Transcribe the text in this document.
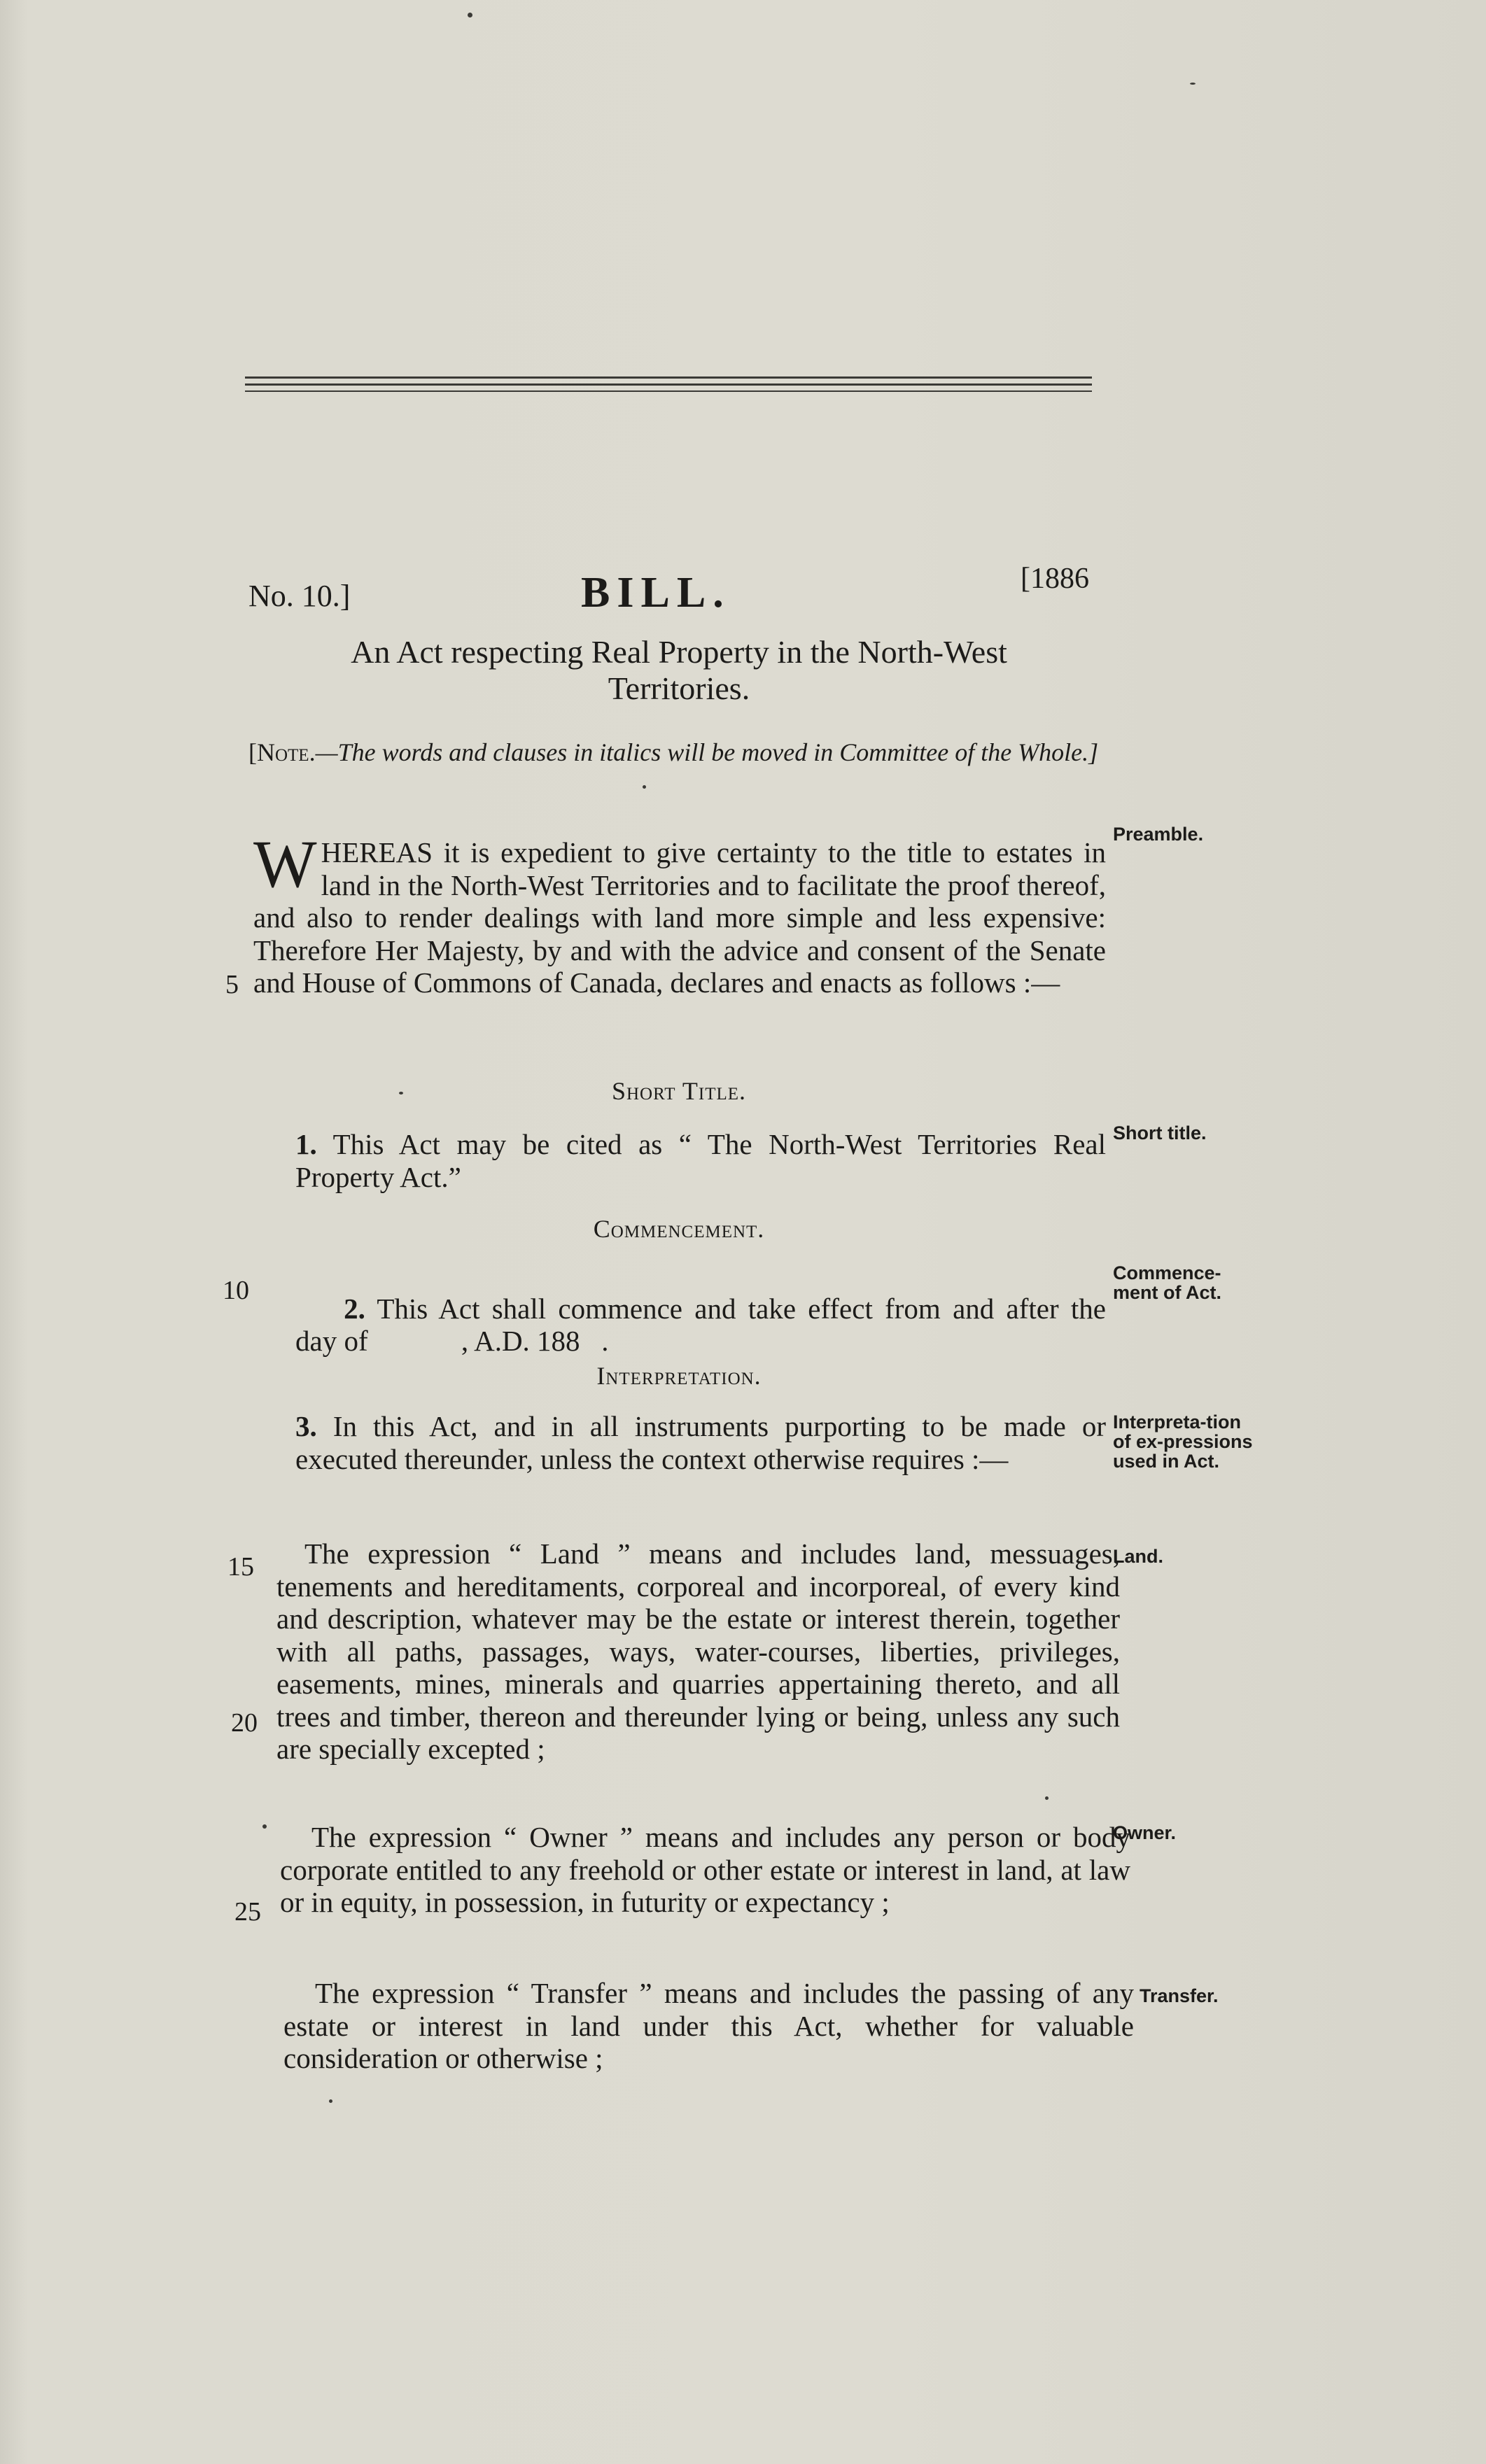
No. 10.]	BILL.	[1886
An Act respecting Real Property in the North-West
Territories.
[Note.—The words and clauses in italics will be moved in Committee of the Whole.]
WHEREAS it is expedient to give certainty to the title to estates in land in the North-West Territories and to facilitate the proof thereof, and also to render dealings with land more simple and less expensive: Therefore Her Majesty, by and with the advice and consent of the Senate and House of Commons of Canada, declares and enacts as follows :—
Preamble.
5
Short Title.
1. This Act may be cited as “ The North-West Territories Real Property Act.”
Short title.
Commencement.

2. This Act shall commence and take effect from and after the       day of             , A.D. 188   .

Commence-ment of Act.
10
Interpretation.
3. In this Act, and in all instruments purporting to be made or executed thereunder, unless the context otherwise requires :—
Interpreta-tion of ex-pressions used in Act.
The expression “ Land ” means and includes land, messuages, tenements and hereditaments, corporeal and incorporeal, of every kind and description, whatever may be the estate or interest therein, together with all paths, passages, ways, water-courses, liberties, privileges, easements, mines, minerals and quarries appertaining thereto, and all trees and timber, thereon and thereunder lying or being, unless any such are specially excepted ;
Land.
15
20
The expression “ Owner ” means and includes any person or body corporate entitled to any freehold or other estate or interest in land, at law or in equity, in possession, in futurity or expectancy ;
Owner.
25
The expression “ Transfer ” means and includes the passing of any estate or interest in land under this Act, whether for valuable consideration or otherwise ;
Transfer.
